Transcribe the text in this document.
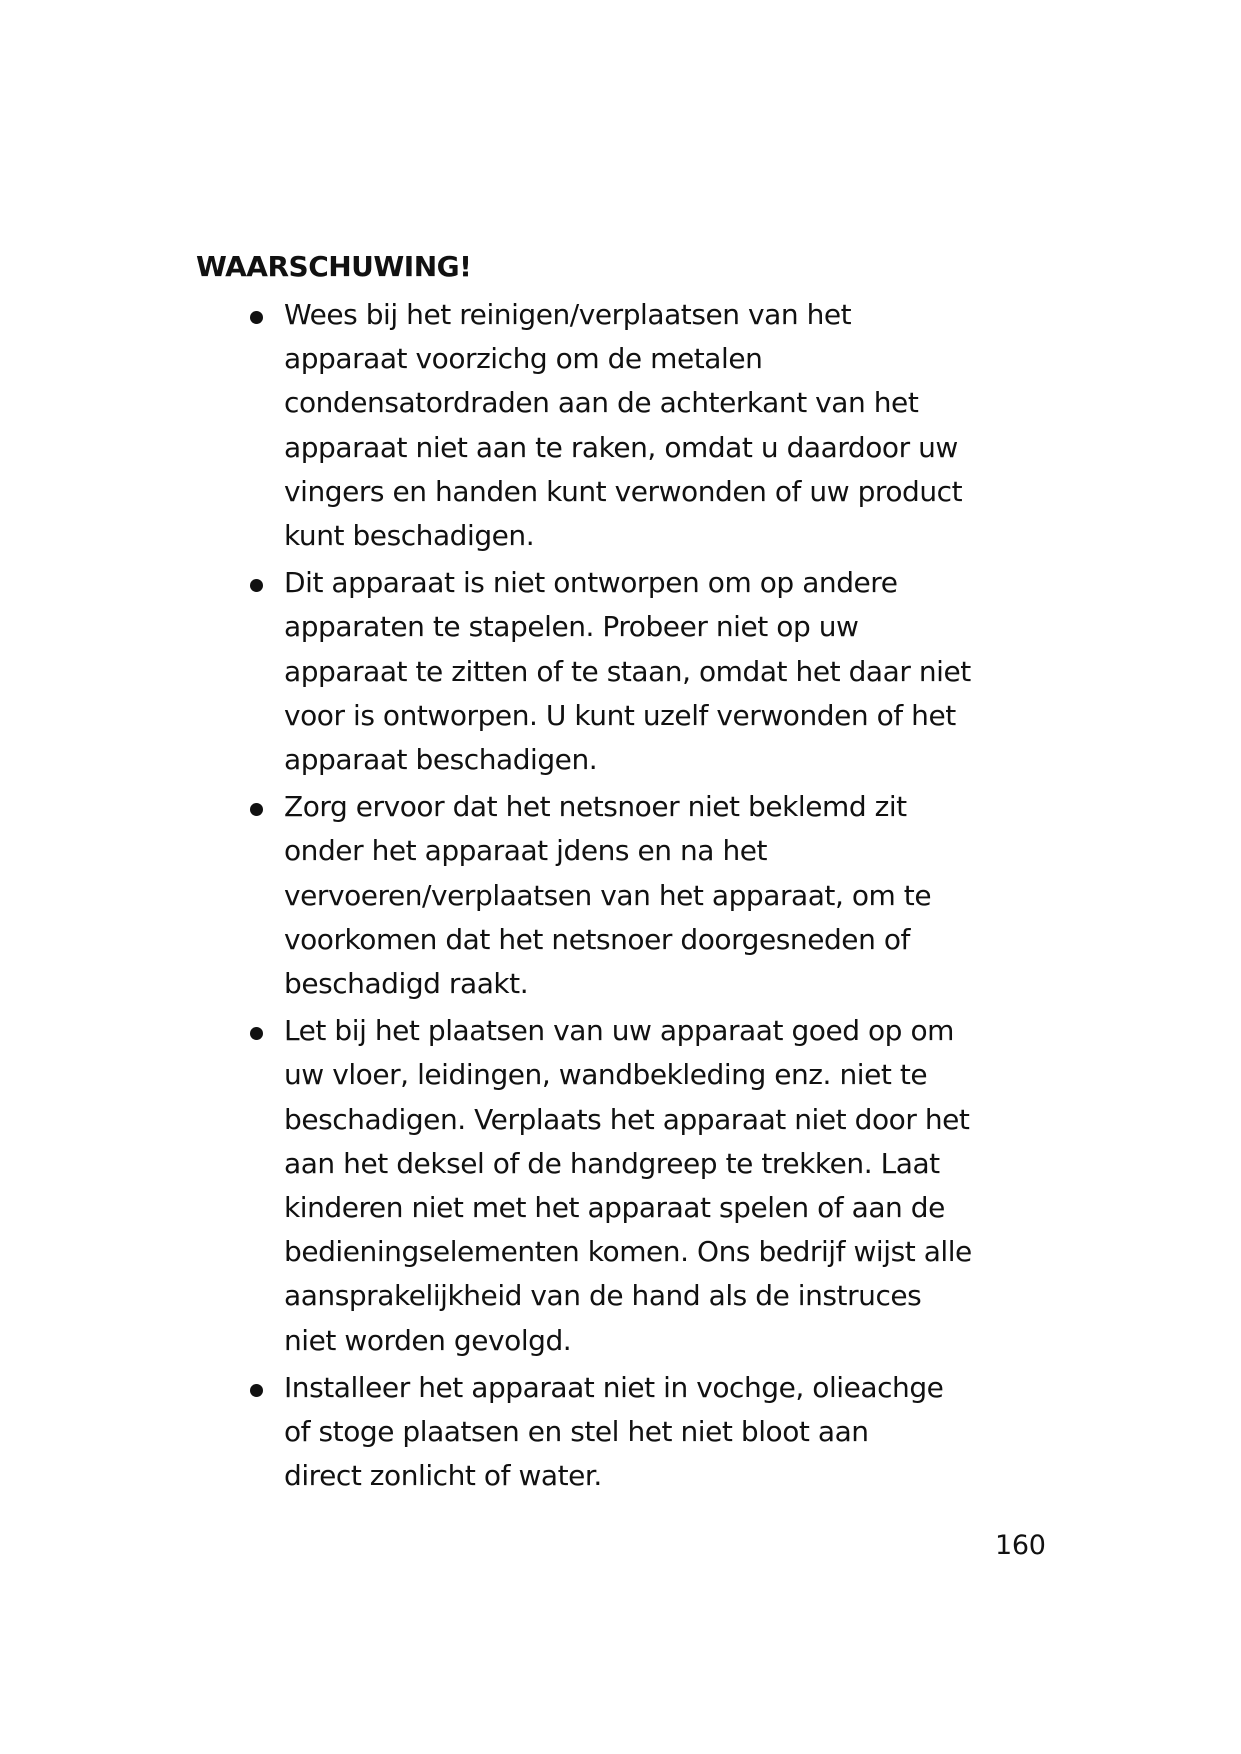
WAARSCHUWING!
Wees bij het reinigen/verplaatsen van het
apparaat voorzichg om de metalen
condensatordraden aan de achterkant van het
apparaat niet aan te raken, omdat u daardoor uw
vingers en handen kunt verwonden of uw product
kunt beschadigen.
Dit apparaat is niet ontworpen om op andere
apparaten te stapelen. Probeer niet op uw
apparaat te zitten of te staan, omdat het daar niet
voor is ontworpen. U kunt uzelf verwonden of het
apparaat beschadigen.
Zorg ervoor dat het netsnoer niet beklemd zit
onder het apparaat jdens en na het
vervoeren/verplaatsen van het apparaat, om te
voorkomen dat het netsnoer doorgesneden of
beschadigd raakt.
Let bij het plaatsen van uw apparaat goed op om
uw vloer, leidingen, wandbekleding enz. niet te
beschadigen. Verplaats het apparaat niet door het
aan het deksel of de handgreep te trekken. Laat
kinderen niet met het apparaat spelen of aan de
bedieningselementen komen. Ons bedrijf wijst alle
aansprakelijkheid van de hand als de instruces
niet worden gevolgd.
Installeer het apparaat niet in vochge, olieachge
of stoge plaatsen en stel het niet bloot aan
direct zonlicht of water.
160
